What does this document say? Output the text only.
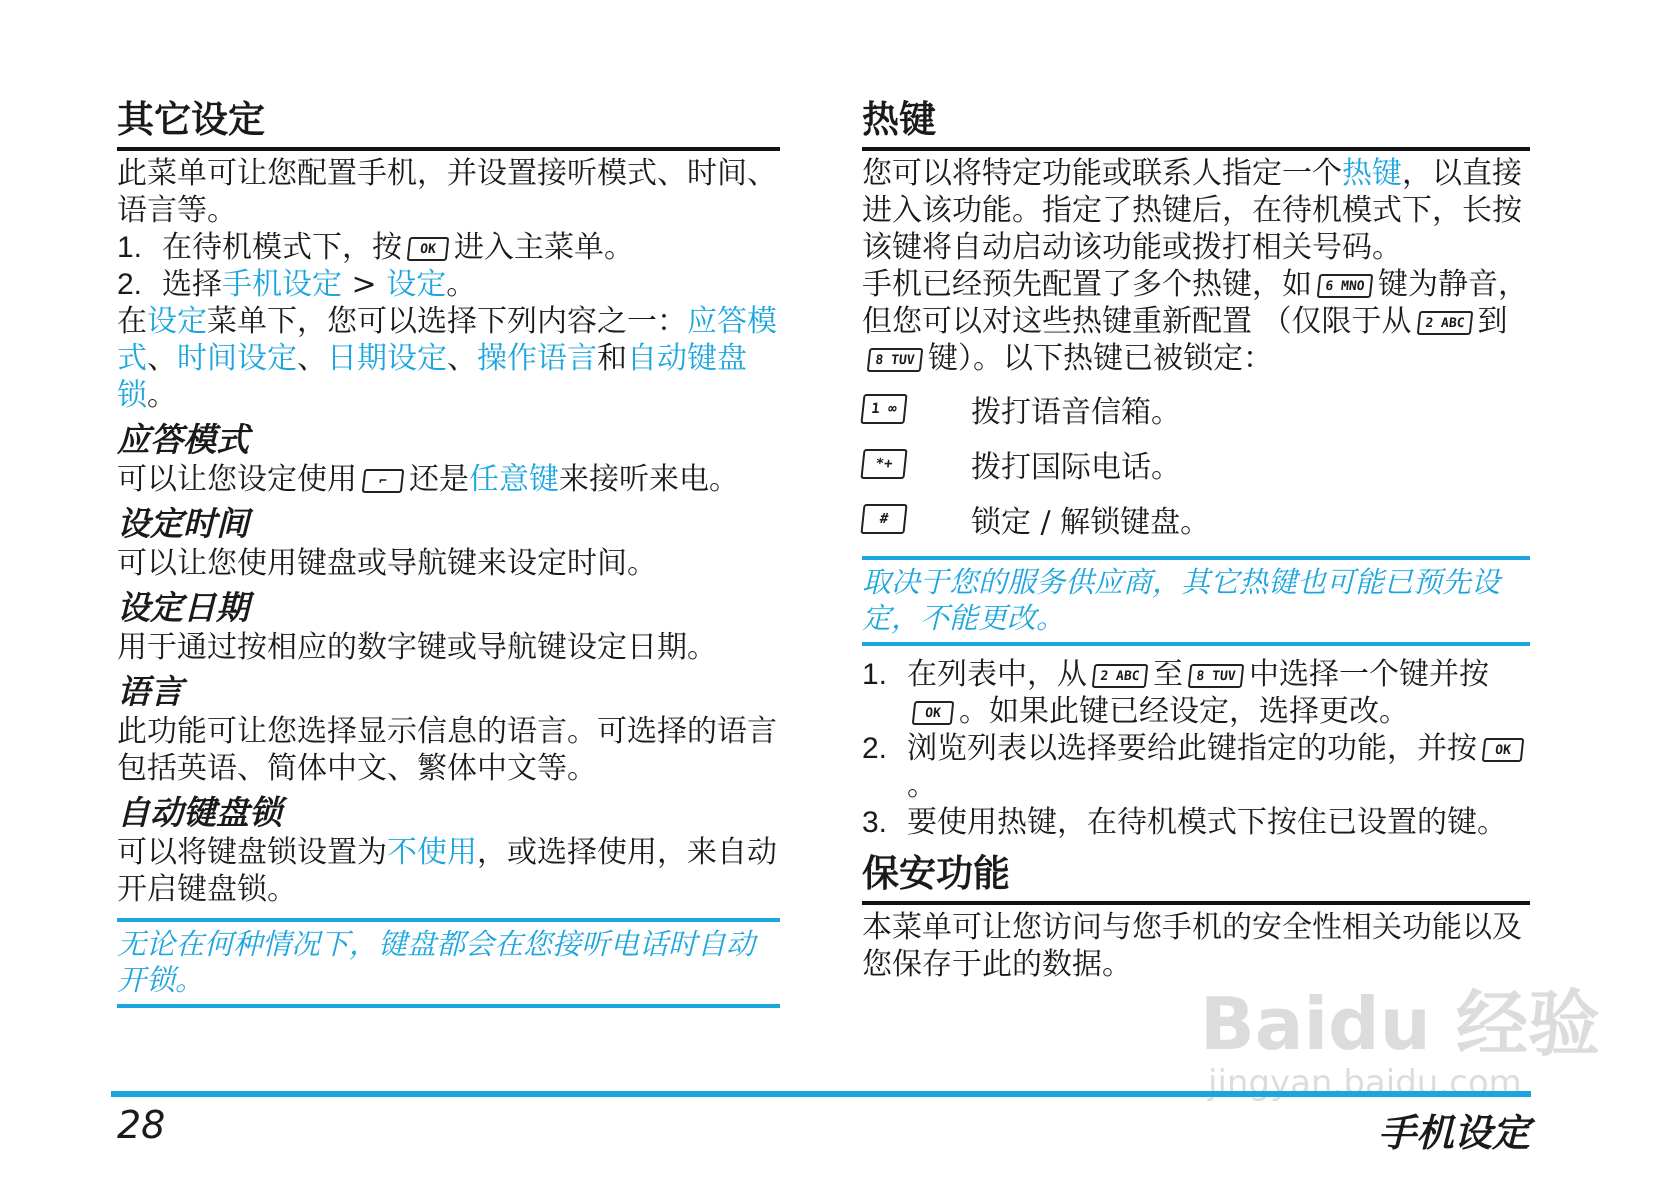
其它设定

此菜单可让您配置手机，并设置接听模式、时间、语言等。

1. 在待机模式下，按 OK 进入主菜单。
2. 选择手机设定 > 设定。

在设定菜单下，您可以选择下列内容之一：应答模式、时间设定、日期设定、操作语言和自动键盘锁。

应答模式

可以让您设定使用 ⌐ 还是任意键来接听来电。

设定时间

可以让您使用键盘或导航键来设定时间。

设定日期

用于通过按相应的数字键或导航键设定日期。

语言

此功能可让您选择显示信息的语言。可选择的语言包括英语、简体中文、繁体中文等。

自动键盘锁

可以将键盘锁设置为不使用，或选择使用，来自动开启键盘锁。

无论在何种情况下，键盘都会在您接听电话时自动开锁。
热键

您可以将特定功能或联系人指定一个热键，以直接进入该功能。指定了热键后，在待机模式下，长按该键将自动启动该功能或拨打相关号码。

手机已经预先配置了多个热键，如 6 MNO 键为静音，但您可以对这些热键重新配置 （仅限于从 2 ABC 到8 TUV 键）。以下热键已被锁定：

1 ∞	拨打语音信箱。
*+	拨打国际电话。
#	锁定 / 解锁键盘。
取决于您的服务供应商，其它热键也可能已预先设定，不能更改。
1. 在列表中，从 2 ABC 至 8 TUV 中选择一个键并按OK 。如果此键已经设定，选择更改。
2. 浏览列表以选择要给此键指定的功能，并按 OK。
3. 要使用热键，在待机模式下按住已设置的键。
保安功能

本菜单可让您访问与您手机的安全性相关功能以及您保存于此的数据。

Baidu 经验
jingyan.baidu.com
28	手机设定
